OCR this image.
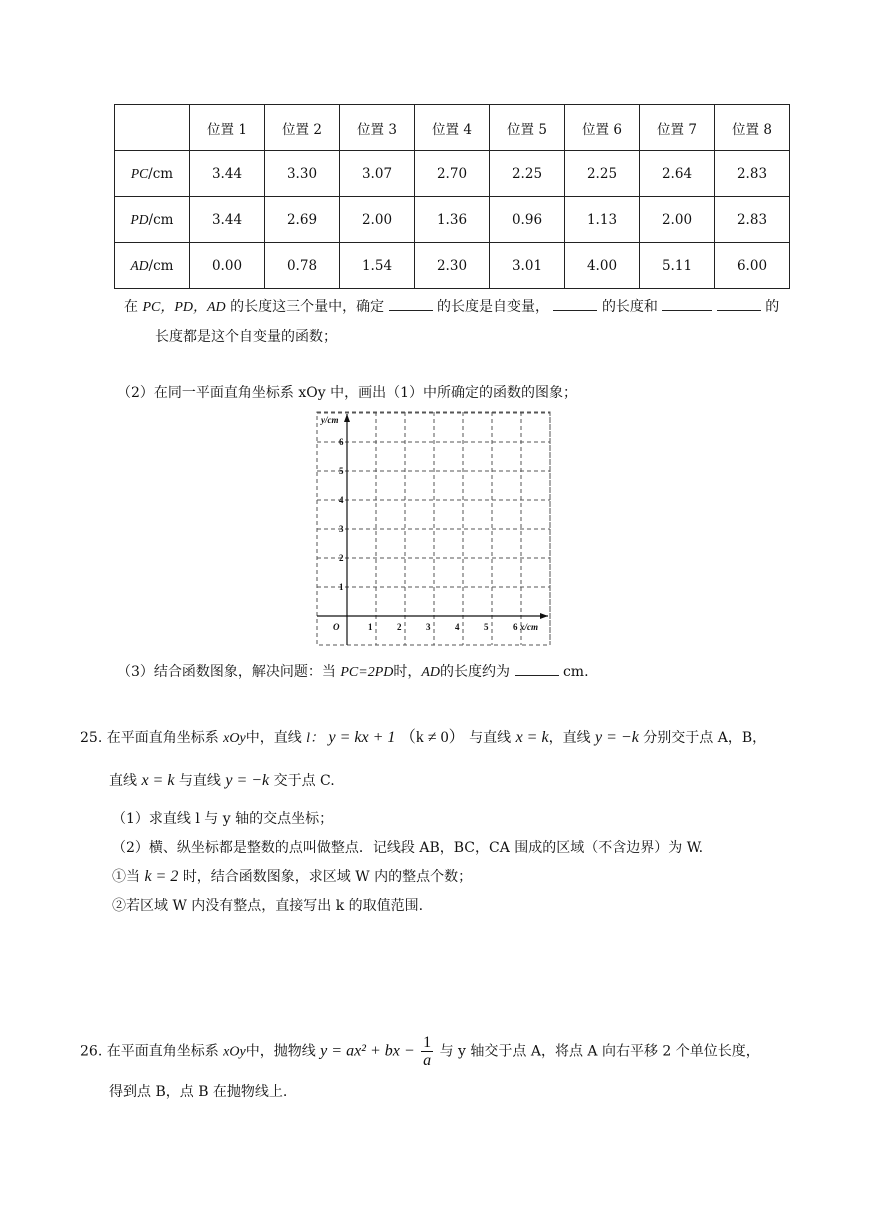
	位置 1	位置 2	位置 3	位置 4	位置 5	位置 6	位置 7	位置 8
PC/cm	3.44	3.30	3.07	2.70	2.25	2.25	2.64	2.83
PD/cm	3.44	2.69	2.00	1.36	0.96	1.13	2.00	2.83
AD/cm	0.00	0.78	1.54	2.30	3.01	4.00	5.11	6.00
在 PC，PD，AD 的长度这三个量中，确定	的长度是自变量，	的长度和	的
长度都是这个自变量的函数；
（2）在同一平面直角坐标系 xOy 中，画出（1）中所确定的函数的图象；
y/cm
x/cm
O	1	2	3	4	5	6
1
2
3
4
5
6
（3）结合函数图象，解决问题：当 PC=2PD时，AD的长度约为	cm.
25. 在平面直角坐标系 xOy中，直线 l： y = kx + 1 （k ≠ 0） 与直线 x = k，直线 y = −k 分别交于点 A，B，
直线 x = k 与直线 y = −k 交于点 C.
（1）求直线 l 与 y 轴的交点坐标；
（2）横、纵坐标都是整数的点叫做整点．记线段 AB，BC，CA 围成的区域（不含边界）为 W.
①当 k = 2 时，结合函数图象，求区域 W 内的整点个数；
②若区域 W 内没有整点，直接写出 k 的取值范围.
26. 在平面直角坐标系 xOy中，抛物线 y = ax² + bx − $\frac{1}{a}$ 与 y 轴交于点 A，将点 A 向右平移 2 个单位长度，
得到点 B，点 B 在抛物线上.
